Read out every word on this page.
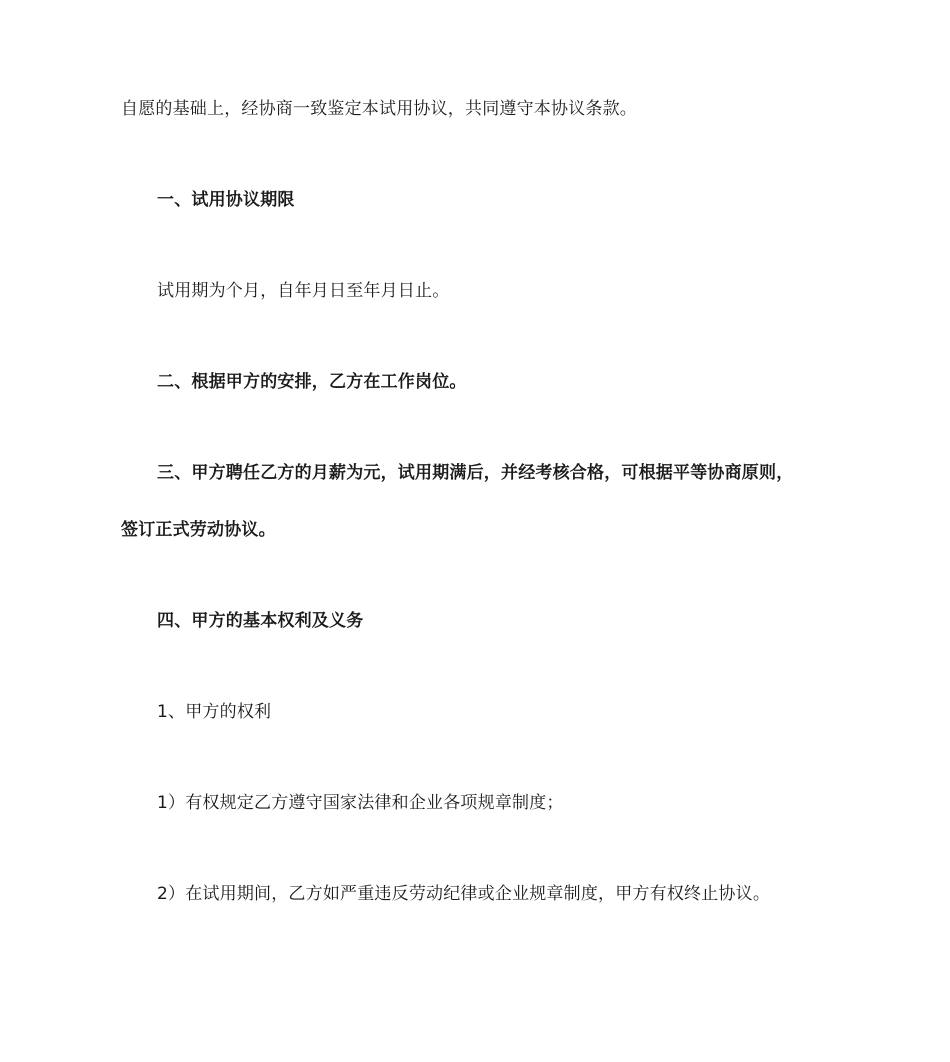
自愿的基础上，经协商一致鉴定本试用协议，共同遵守本协议条款。
一、试用协议期限
试用期为个月，自年月日至年月日止。
二、根据甲方的安排，乙方在工作岗位。
三、甲方聘任乙方的月薪为元，试用期满后，并经考核合格，可根据平等协商原则，
签订正式劳动协议。
四、甲方的基本权利及义务
1、甲方的权利
1）有权规定乙方遵守国家法律和企业各项规章制度；
2）在试用期间，乙方如严重违反劳动纪律或企业规章制度，甲方有权终止协议。
